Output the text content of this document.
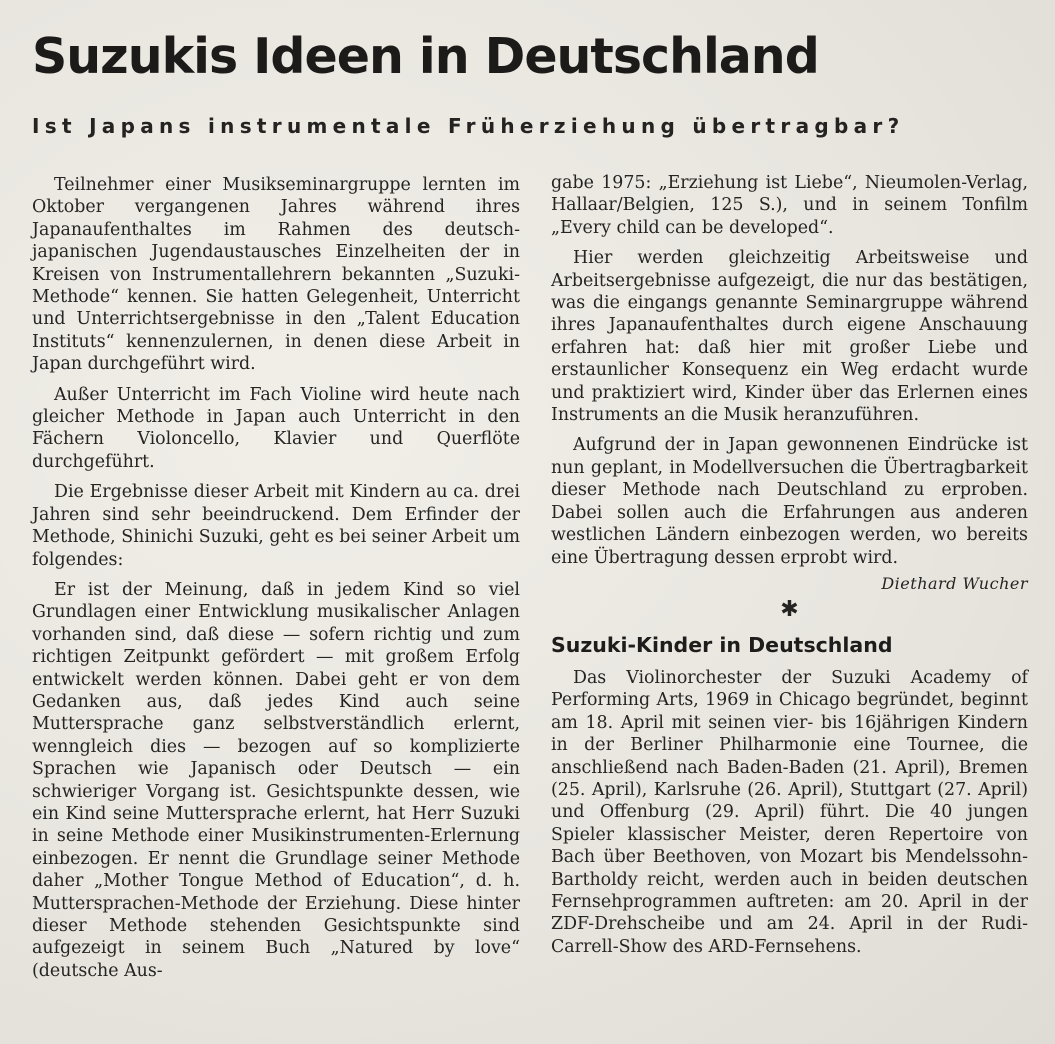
Suzukis Ideen in Deutschland
Ist Japans instrumentale Früherziehung übertragbar?

Teilnehmer einer Musikseminargruppe lernten im Oktober vergangenen Jahres während ihres Japanaufenthaltes im Rahmen des deutsch-japanischen Jugendaustausches Einzelheiten der in Kreisen von Instrumentallehrern bekannten „Suzuki-Methode“ kennen. Sie hatten Gelegenheit, Unterricht und Unterrichtsergebnisse in den „Talent Education Instituts“ kennenzulernen, in denen diese Arbeit in Japan durchgeführt wird.

Außer Unterricht im Fach Violine wird heute nach gleicher Methode in Japan auch Unterricht in den Fächern Violoncello, Klavier und Querflöte durchgeführt.

Die Ergebnisse dieser Arbeit mit Kindern au ca. drei Jahren sind sehr beeindruckend. Dem Erfinder der Methode, Shinichi Suzuki, geht es bei seiner Arbeit um folgendes:

Er ist der Meinung, daß in jedem Kind so viel Grundlagen einer Entwicklung musikalischer Anlagen vorhanden sind, daß diese — sofern richtig und zum richtigen Zeitpunkt gefördert — mit großem Erfolg entwickelt werden können. Dabei geht er von dem Gedanken aus, daß jedes Kind auch seine Muttersprache ganz selbstverständlich erlernt, wenngleich dies — bezogen auf so komplizierte Sprachen wie Japanisch oder Deutsch — ein schwieriger Vorgang ist. Gesichtspunkte dessen, wie ein Kind seine Muttersprache erlernt, hat Herr Suzuki in seine Methode einer Musikinstrumenten-Erlernung einbezogen. Er nennt die Grundlage seiner Methode daher „Mother Tongue Method of Education“, d. h. Muttersprachen-Methode der Erziehung. Diese hinter dieser Methode stehenden Gesichtspunkte sind aufgezeigt in seinem Buch „Natured by love“ (deutsche Aus-

gabe 1975: „Erziehung ist Liebe“, Nieumolen-Verlag, Hallaar/Belgien, 125 S.), und in seinem Tonfilm „Every child can be developed“.

Hier werden gleichzeitig Arbeitsweise und Arbeitsergebnisse aufgezeigt, die nur das bestätigen, was die eingangs genannte Seminargruppe während ihres Japanaufenthaltes durch eigene Anschauung erfahren hat: daß hier mit großer Liebe und erstaunlicher Konsequenz ein Weg erdacht wurde und praktiziert wird, Kinder über das Erlernen eines Instruments an die Musik heranzuführen.

Aufgrund der in Japan gewonnenen Eindrücke ist nun geplant, in Modellversuchen die Übertragbarkeit dieser Methode nach Deutschland zu erproben. Dabei sollen auch die Erfahrungen aus anderen westlichen Ländern einbezogen werden, wo bereits eine Übertragung dessen erprobt wird.

Diethard Wucher

✱
Suzuki-Kinder in Deutschland

Das Violinorchester der Suzuki Academy of Performing Arts, 1969 in Chicago begründet, beginnt am 18. April mit seinen vier- bis 16jährigen Kindern in der Berliner Philharmonie eine Tournee, die anschließend nach Baden-Baden (21. April), Bremen (25. April), Karlsruhe (26. April), Stuttgart (27. April) und Offenburg (29. April) führt. Die 40 jungen Spieler klassischer Meister, deren Repertoire von Bach über Beethoven, von Mozart bis Mendelssohn-Bartholdy reicht, werden auch in beiden deutschen Fernsehprogrammen auftreten: am 20. April in der ZDF-Drehscheibe und am 24. April in der Rudi-Carrell-Show des ARD-Fernsehens.
